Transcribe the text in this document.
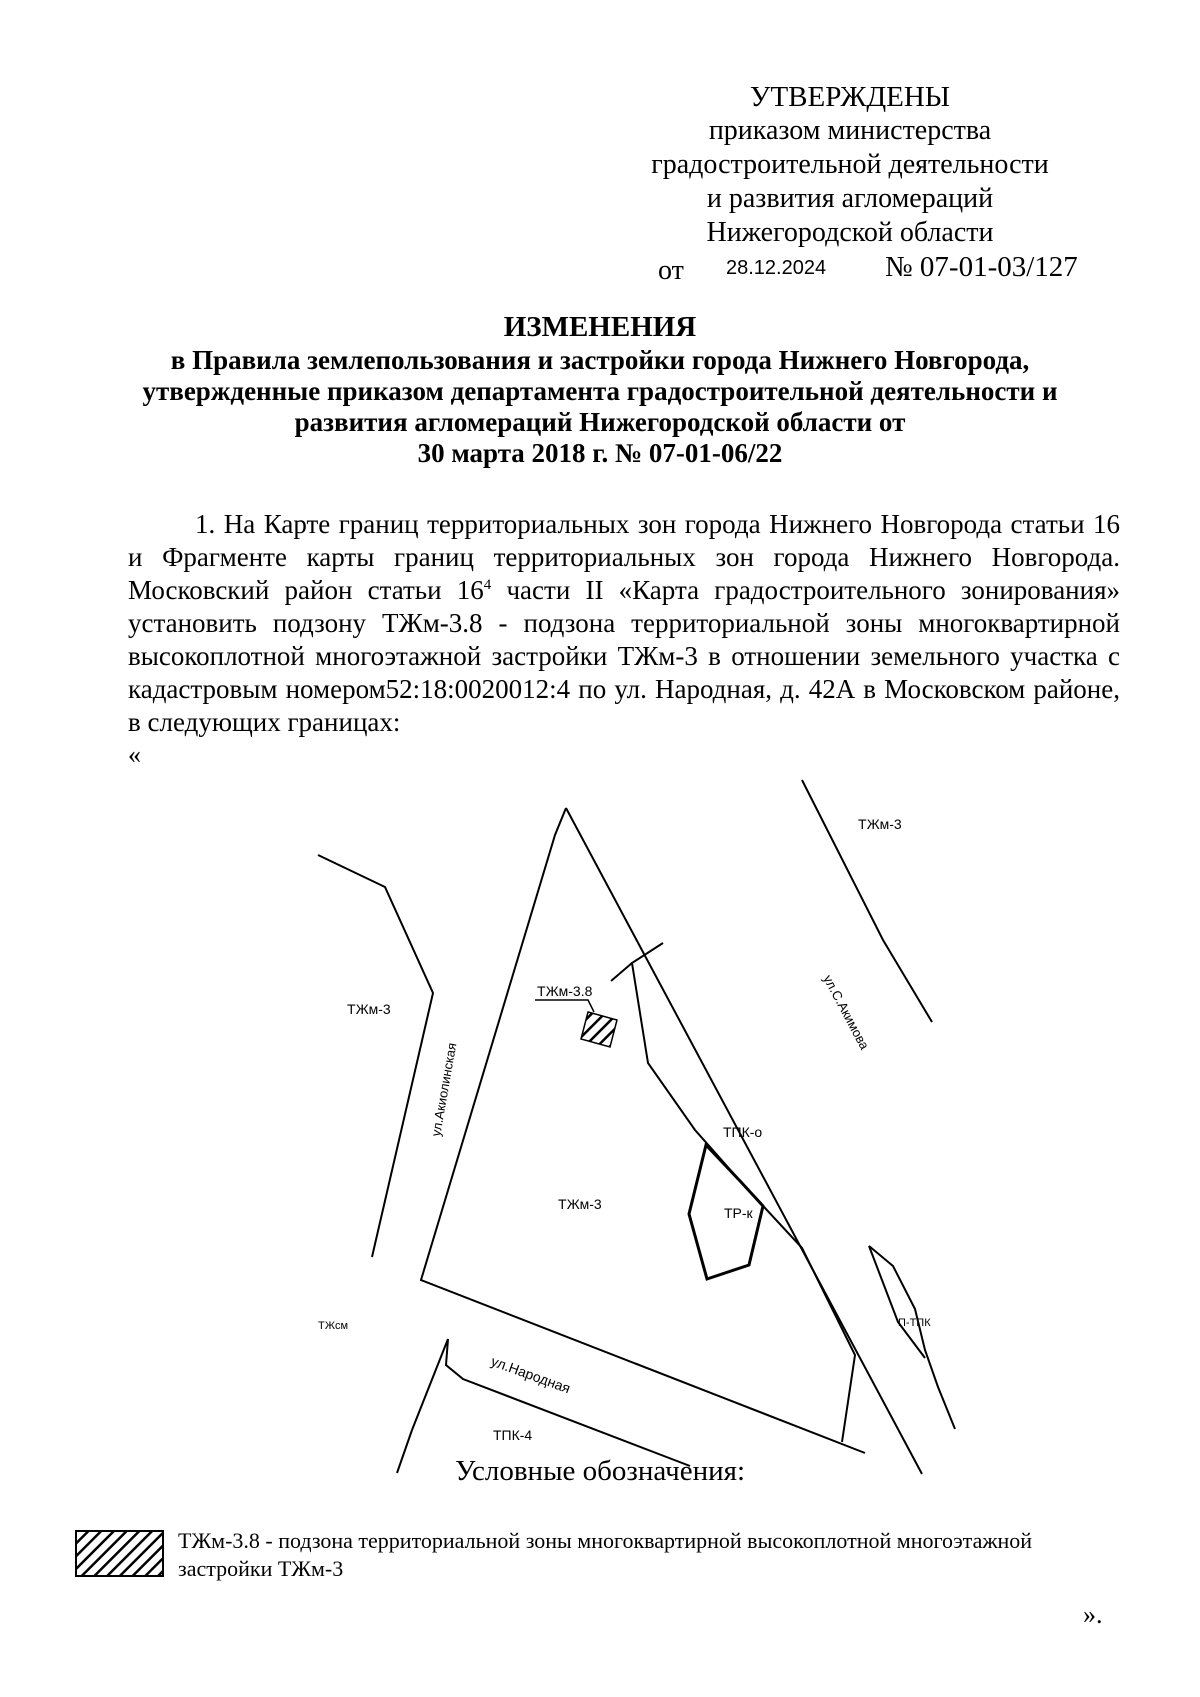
УТВЕРЖДЕНЫ
приказом министерства
градостроительной деятельности
и развития агломераций
Нижегородской области
от 28.12.2024 № 07-01-03/127
ИЗМЕНЕНИЯ
в Правила землепользования и застройки города Нижнего Новгорода,
утвержденные приказом департамента градостроительной деятельности и
развития агломераций Нижегородской области от
30 марта 2018 г. № 07-01-06/22
1. На Карте границ территориальных зон города Нижнего Новгорода статьи 16 и Фрагменте карты границ территориальных зон города Нижнего Новгорода. Московский район статьи $16^4$ части II «Карта градостроительного зонирования» установить подзону ТЖм-3.8 - подзона территориальной зоны многоквартирной высокоплотной многоэтажной застройки ТЖм-3 в отношении земельного участка с кадастровым номером52:18:0020012:4 по ул. Народная, д. 42А в Московском районе, в следующих границах:
«
ТЖм-3
ТЖм-3
ТЖм-3.8	ул.С.Акимова
ул.Акиолинская	ТПК-о
ТЖм-3
ТР-к
ТЖсм	П-ТПК
ул.Народная
ТПК-4
Условные обозначения:
ТЖм-3.8 - подзона территориальной зоны многоквартирной высокоплотной многоэтажной застройки ТЖм-3
».
